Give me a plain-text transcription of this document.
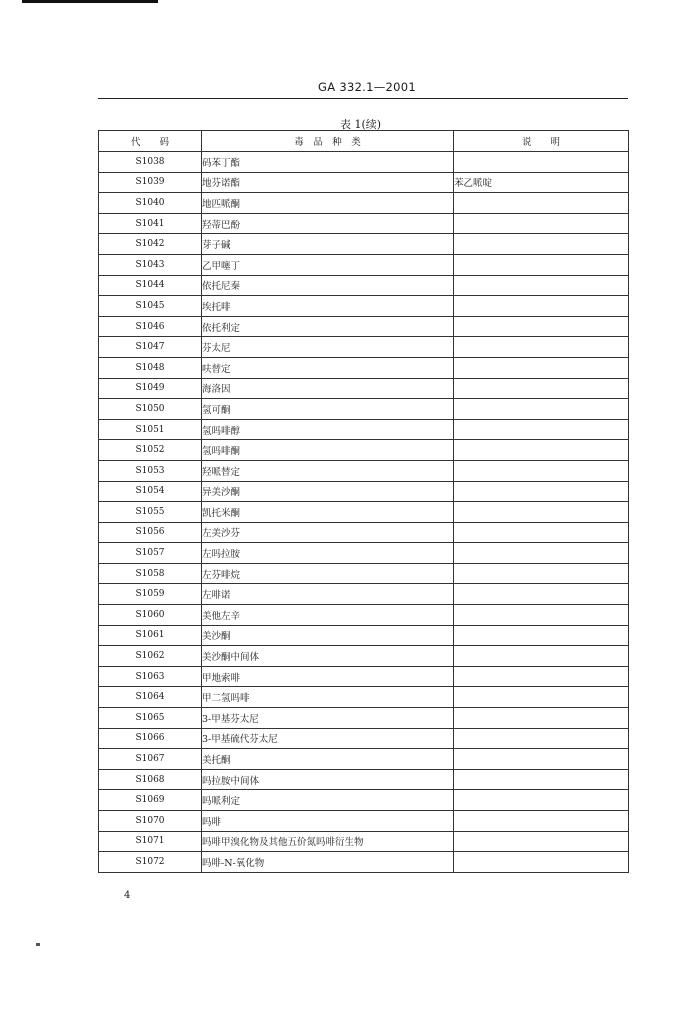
GA 332.1—2001
表 1(续)
代　　码	毒　品　种　类	说　　明
S1038	码苯丁酯	
S1039	地芬诺酯	苯乙哌啶
S1040	地匹哌酮	
S1041	羟蒂巴酚	
S1042	芽子碱	
S1043	乙甲噻丁	
S1044	依托尼秦	
S1045	埃托啡	
S1046	依托利定	
S1047	芬太尼	
S1048	呋替定	
S1049	海洛因	
S1050	氢可酮	
S1051	氢吗啡醇	
S1052	氢吗啡酮	
S1053	羟哌替定	
S1054	异美沙酮	
S1055	凯托米酮	
S1056	左美沙芬	
S1057	左吗拉胺	
S1058	左芬啡烷	
S1059	左啡诺	
S1060	美他左辛	
S1061	美沙酮	
S1062	美沙酮中间体	
S1063	甲地索啡	
S1064	甲二氢吗啡	
S1065	3-甲基芬太尼	
S1066	3-甲基硫代芬太尼	
S1067	美托酮	
S1068	吗拉胺中间体	
S1069	吗哌利定	
S1070	吗啡	
S1071	吗啡甲溴化物及其他五价氮吗啡衍生物	
S1072	吗啡-N-氧化物	
4
